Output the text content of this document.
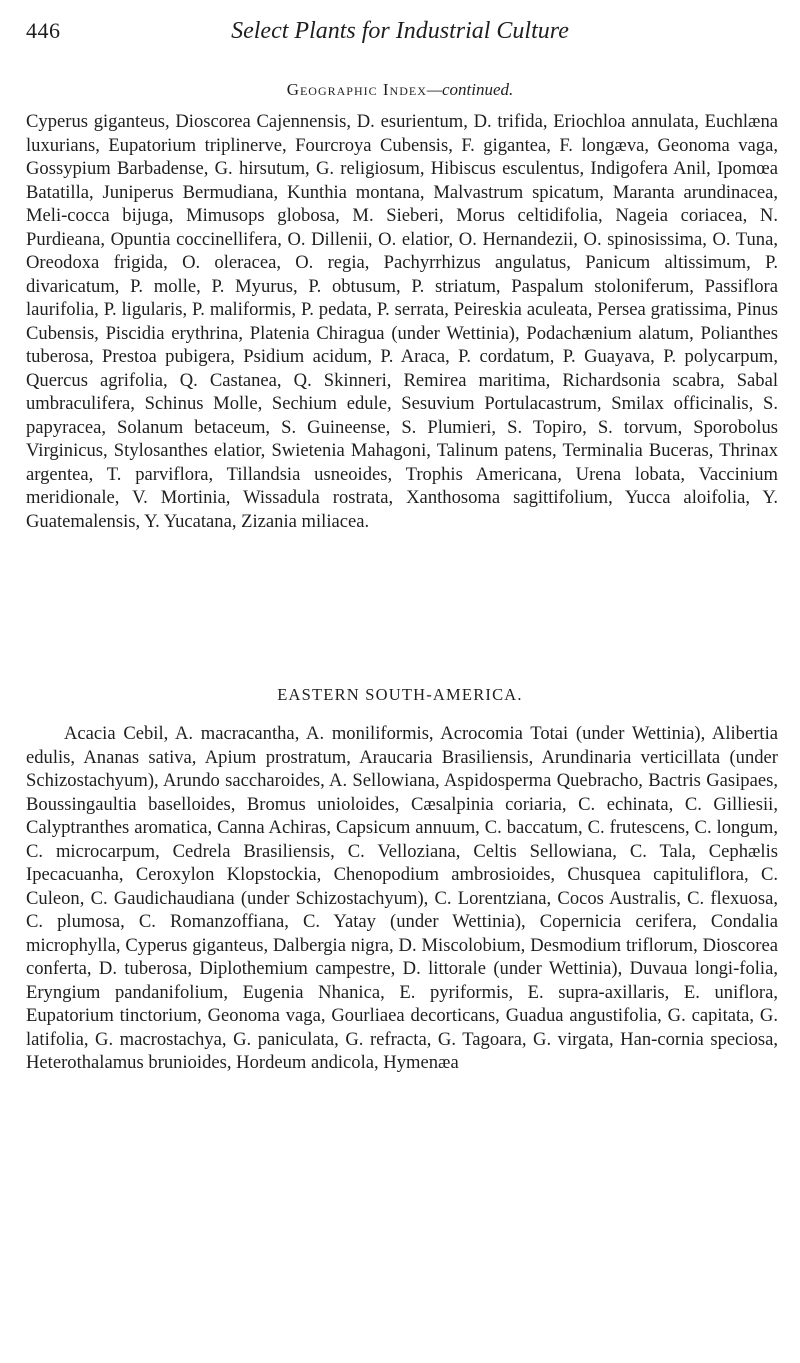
446	Select Plants for Industrial Culture
Geographic Index—continued.

Cyperus giganteus, Dioscorea Cajennensis, D. esurientum, D. trifida, Eriochloa annulata, Euchlæna luxurians, Eupatorium triplinerve, Fourcroya Cubensis, F. gigantea, F. longæva, Geonoma vaga, Gossypium Barbadense, G. hirsutum, G. religiosum, Hibiscus esculentus, Indigofera Anil, Ipomœa Batatilla, Juniperus Bermudiana, Kunthia montana, Malvastrum spicatum, Maranta arundinacea, Meli-cocca bijuga, Mimusops globosa, M. Sieberi, Morus celtidifolia, Nageia coriacea, N. Purdieana, Opuntia coccinellifera, O. Dillenii, O. elatior, O. Hernandezii, O. spinosissima, O. Tuna, Oreodoxa frigida, O. oleracea, O. regia, Pachyrrhizus angulatus, Panicum altissimum, P. divaricatum, P. molle, P. Myurus, P. obtusum, P. striatum, Paspalum stoloniferum, Passiflora laurifolia, P. ligularis, P. maliformis, P. pedata, P. serrata, Peireskia aculeata, Persea gratissima, Pinus Cubensis, Piscidia erythrina, Platenia Chiragua (under Wettinia), Podachænium alatum, Polianthes tuberosa, Prestoa pubigera, Psidium acidum, P. Araca, P. cordatum, P. Guayava, P. polycarpum, Quercus agrifolia, Q. Castanea, Q. Skinneri, Remirea maritima, Richardsonia scabra, Sabal umbraculifera, Schinus Molle, Sechium edule, Sesuvium Portulacastrum, Smilax officinalis, S. papyracea, Solanum betaceum, S. Guineense, S. Plumieri, S. Topiro, S. torvum, Sporobolus Virginicus, Stylosanthes elatior, Swietenia Mahagoni, Talinum patens, Terminalia Buceras, Thrinax argentea, T. parviflora, Tillandsia usneoides, Trophis Americana, Urena lobata, Vaccinium meridionale, V. Mortinia, Wissadula rostrata, Xanthosoma sagittifolium, Yucca aloifolia, Y. Guatemalensis, Y. Yucatana, Zizania miliacea.

EASTERN SOUTH-AMERICA.

Acacia Cebil, A. macracantha, A. moniliformis, Acrocomia Totai (under Wettinia), Alibertia edulis, Ananas sativa, Apium prostratum, Araucaria Brasiliensis, Arundinaria verticillata (under Schizostachyum), Arundo saccharoides, A. Sellowiana, Aspidosperma Quebracho, Bactris Gasipaes, Boussingaultia baselloides, Bromus unioloides, Cæsalpinia coriaria, C. echinata, C. Gilliesii, Calyptranthes aromatica, Canna Achiras, Capsicum annuum, C. baccatum, C. frutescens, C. longum, C. microcarpum, Cedrela Brasiliensis, C. Velloziana, Celtis Sellowiana, C. Tala, Cephælis Ipecacuanha, Ceroxylon Klopstockia, Chenopodium ambrosioides, Chusquea capituliflora, C. Culeon, C. Gaudichaudiana (under Schizostachyum), C. Lorentziana, Cocos Australis, C. flexuosa, C. plumosa, C. Romanzoffiana, C. Yatay (under Wettinia), Copernicia cerifera, Condalia microphylla, Cyperus giganteus, Dalbergia nigra, D. Miscolobium, Desmodium triflorum, Dioscorea conferta, D. tuberosa, Diplothemium campestre, D. littorale (under Wettinia), Duvaua longi-folia, Eryngium pandanifolium, Eugenia Nhanica, E. pyriformis, E. supra-axillaris, E. uniflora, Eupatorium tinctorium, Geonoma vaga, Gourliaea decorticans, Guadua angustifolia, G. capitata, G. latifolia, G. macrostachya, G. paniculata, G. refracta, G. Tagoara, G. virgata, Han-cornia speciosa, Heterothalamus brunioides, Hordeum andicola, Hymenæa
